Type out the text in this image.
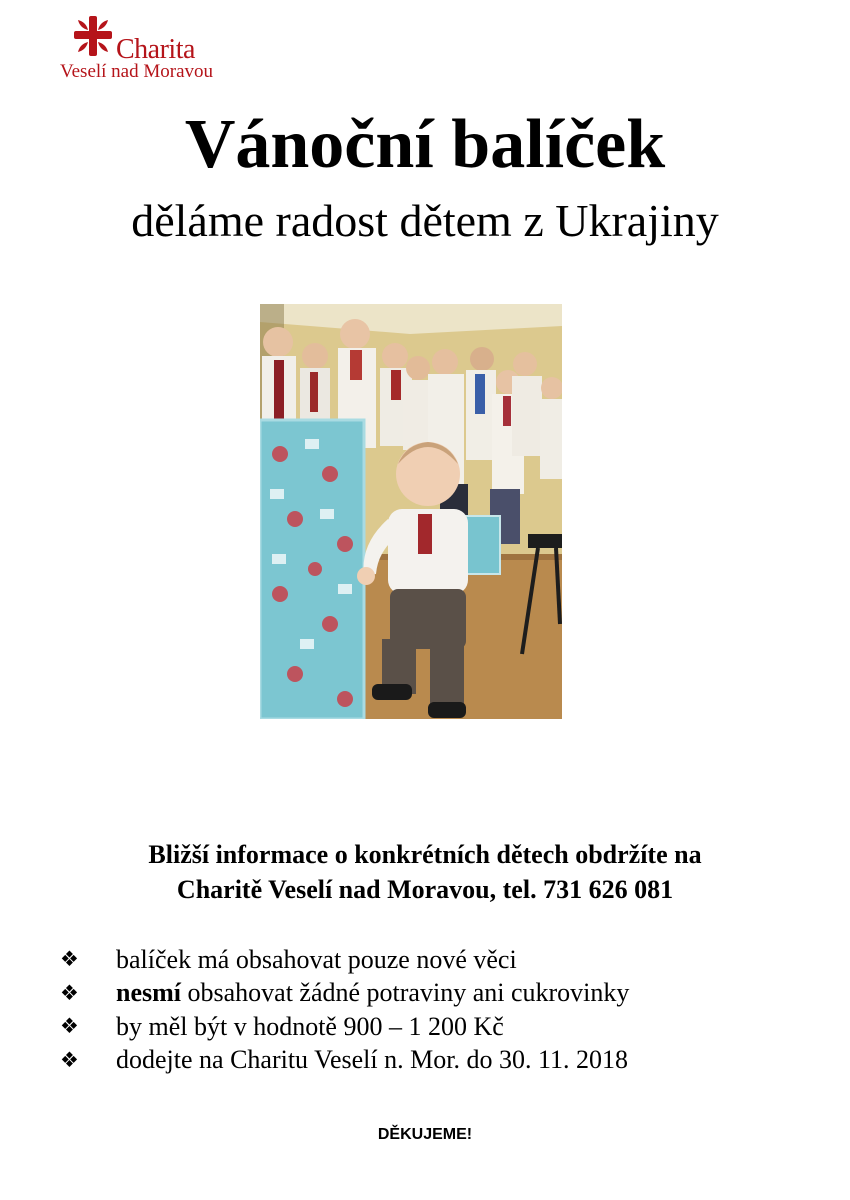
Charita
Veselí nad Moravou
Vánoční balíček
děláme radost dětem z Ukrajiny
Bližší informace o konkrétních dětech obdržíte na
Charitě Veselí nad Moravou, tel. 731 626 081
❖	balíček má obsahovat pouze nové věci
❖	nesmí obsahovat žádné potraviny ani cukrovinky
❖	by měl být v hodnotě 900 – 1 200 Kč
❖	dodejte na Charitu Veselí n. Mor. do 30. 11. 2018
DĚKUJEME!
